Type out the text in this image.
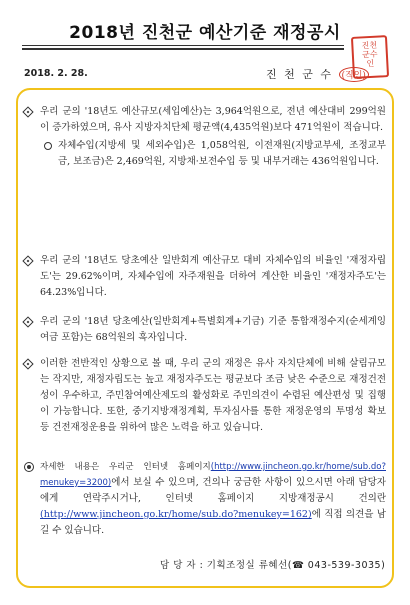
2018년 진천군 예산기준 재정공시
진천
군수
인
2018. 2. 28.	진 천 군 수 (직인)
우리 군의 '18년도 예산규모(세입예산)는 3,964억원으로, 전년 예산대비 299억원이 증가하였으며, 유사 지방자치단체 평균액(4,435억원)보다 471억원이 적습니다.
자체수입(지방세 및 세외수입)은 1,058억원, 이전재원(지방교부세, 조정교부금, 보조금)은 2,469억원, 지방채·보전수입 등 및 내부거래는 436억원입니다.
우리 군의 '18년도 당초예산 일반회계 예산규모 대비 자체수입의 비율인 '재정자립도'는 29.62%이며, 자체수입에 자주재원을 더하여 계산한 비율인 '재정자주도'는 64.23%입니다.
우리 군의 '18년 당초예산(일반회계+특별회계+기금) 기준 통합재정수지(순세계잉여금 포함)는 68억원의 흑자입니다.
이러한 전반적인 상황으로 볼 때, 우리 군의 재정은 유사 자치단체에 비해 살림규모는 작지만, 재정자립도는 높고 재정자주도는 평균보다 조금 낮은 수준으로 재정건전성이 우수하고, 주민참여예산제도의 활성화로 주민의견이 수렴된 예산편성 및 집행이 가능합니다. 또한, 중기지방재정계획, 투자심사를 통한 재정운영의 투명성 확보 등 건전재정운용을 위하여 많은 노력을 하고 있습니다.
자세한 내용은 우리군 인터넷 홈페이지(http://www.jincheon.go.kr/home/sub.do?menukey=3200)에서 보실 수 있으며, 건의나 궁금한 사항이 있으시면 아래 담당자에게 연락주시거나, 인터넷 홈페이지 지방재정공시 건의란(http://www.jincheon.go.kr/home/sub.do?menukey=162)에 직접 의견을 남길 수 있습니다.
담 당 자 : 기획조정실 류혜선(☎ 043-539-3035)
